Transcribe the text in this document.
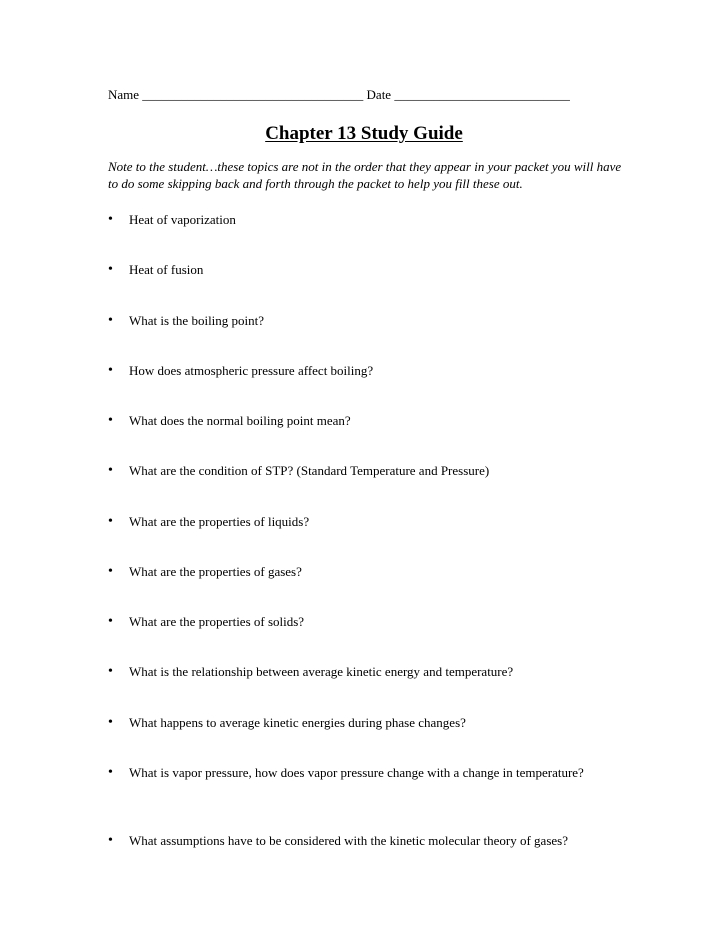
Name __________________________________ Date ___________________________
Chapter 13 Study Guide
Note to the student…these topics are not in the order that they appear in your packet you will have to do some skipping back and forth through the packet to help you fill these out.
•	Heat of vaporization
•	Heat of fusion
•	What is the boiling point?
•	How does atmospheric pressure affect boiling?
•	What does the normal boiling point mean?
•	What are the condition of STP? (Standard Temperature and Pressure)
•	What are the properties of liquids?
•	What are the properties of gases?
•	What are the properties of solids?
•	What is the relationship between average kinetic energy and temperature?
•	What happens to average kinetic energies during phase changes?
•	What is vapor pressure, how does vapor pressure change with a change in temperature?
•	What assumptions have to be considered with the kinetic molecular theory of gases?
